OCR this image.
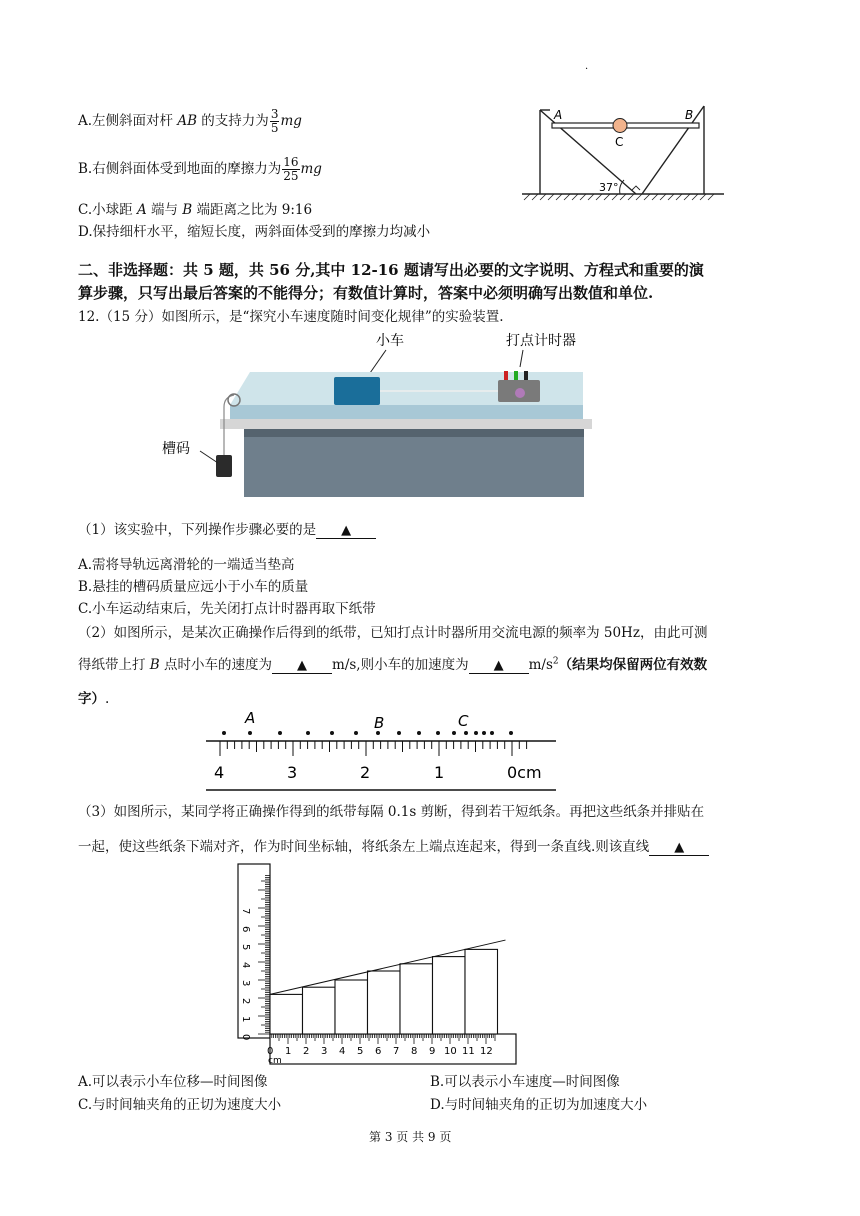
·
A.左侧斜面对杆 AB 的支持力为 $\frac{3}{5}$ mg
B.右侧斜面体受到地面的摩擦力为 $\frac{16}{25}$ mg
C.小球距 A 端与 B 端距离之比为 9:16
D.保持细杆水平，缩短长度，两斜面体受到的摩擦力均减小
A	B
C
37°
二、非选择题：共 5 题，共 56 分,其中 12-16 题请写出必要的文字说明、方程式和重要的演
算步骤，只写出最后答案的不能得分；有数值计算时，答案中必须明确写出数值和单位.
12.（15 分）如图所示，是“探究小车速度随时间变化规律”的实验装置.
小车	打点计时器
槽码
（1）该实验中，下列操作步骤必要的是 ▲
A.需将导轨远离滑轮的一端适当垫高
B.悬挂的槽码质量应远小于小车的质量
C.小车运动结束后，先关闭打点计时器再取下纸带
（2）如图所示，是某次正确操作后得到的纸带，已知打点计时器所用交流电源的频率为 50Hz，由此可测
得纸带上打 B 点时小车的速度为 ▲ m/s,则小车的加速度为 ▲ $m/s^2$（结果均保留两位有效数
字）.
A	B	C
4	3	2	1	0cm
（3）如图所示，某同学将正确操作得到的纸带每隔 0.1s 剪断，得到若干短纸条。再把这些纸条并排贴在
一起，使这些纸条下端对齐，作为时间坐标轴，将纸条左上端点连起来，得到一条直线.则该直线 ▲
7
6
5
4
3
2
1
0
0 1 2 3 4 5 6 7 8 9 10 11 12
cm
A.可以表示小车位移—时间图像	B.可以表示小车速度—时间图像
C.与时间轴夹角的正切为速度大小	D.与时间轴夹角的正切为加速度大小
第 3 页 共 9 页
